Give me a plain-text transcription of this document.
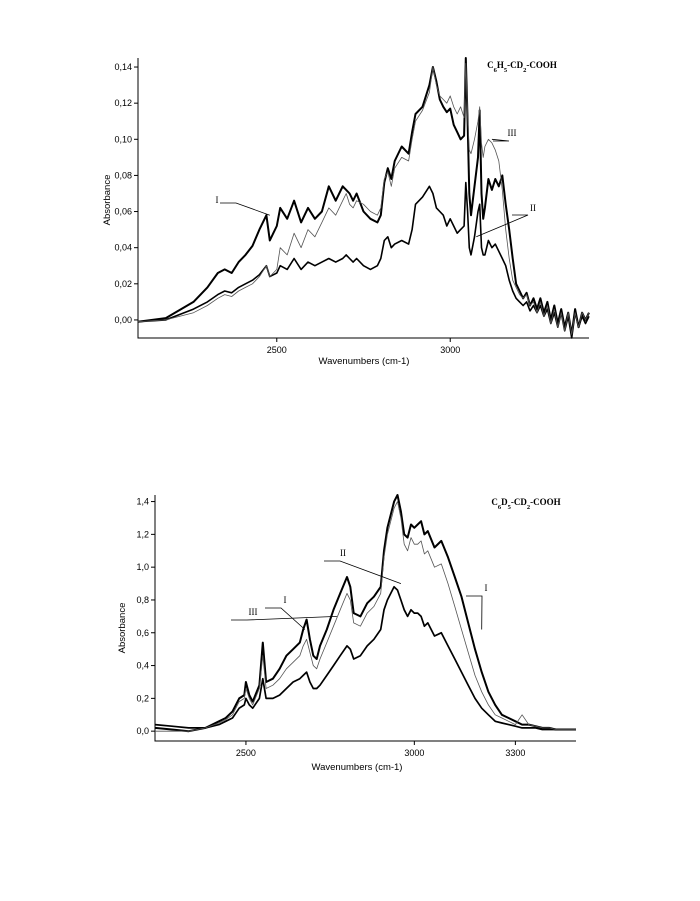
Absorbance
Wavenumbers (cm-1)
0,00
0,02
0,04
0,06
0,08
0,10
0,12
0,14
2500	3000
$C_6H_5-CD_2$-COOH
I
II
III
Absorbance
Wavenumbers (cm-1)
0,0
0,2
0,4
0,6
0,8
1,0
1,2
1,4
2500	3000	3300
$C_6D_5-CD_2$-COOH
I
III
II
I
